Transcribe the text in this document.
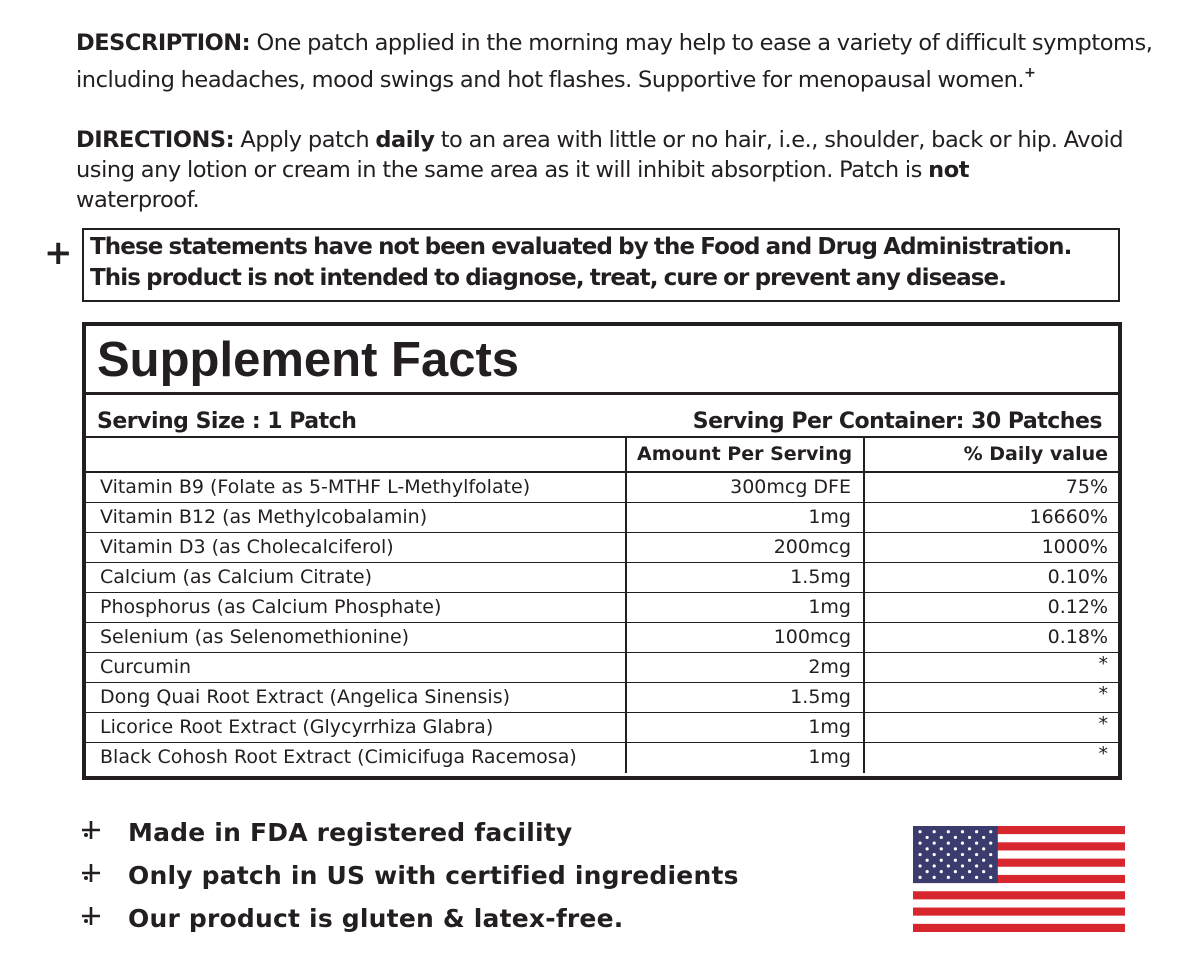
DESCRIPTION: One patch applied in the morning may help to ease a variety of difficult symptoms, including headaches, mood swings and hot flashes. Supportive for menopausal women.+
DIRECTIONS: Apply patch daily to an area with little or no hair, i.e., shoulder, back or hip. Avoid using any lotion or cream in the same area as it will inhibit absorption. Patch is not
waterproof.
+ These statements have not been evaluated by the Food and Drug Administration.
This product is not intended to diagnose, treat, cure or prevent any disease.
Supplement Facts
Serving Size : 1 Patch	Serving Per Container: 30 Patches
	Amount Per Serving	% Daily value
Vitamin B9 (Folate as 5-MTHF L-Methylfolate)	300mcg DFE	75%
Vitamin B12 (as Methylcobalamin)	1mg	16660%
Vitamin D3 (as Cholecalciferol)	200mcg	1000%
Calcium (as Calcium Citrate)	1.5mg	0.10%
Phosphorus (as Calcium Phosphate)	1mg	0.12%
Selenium (as Selenomethionine)	100mcg	0.18%
Curcumin	2mg	*
Dong Quai Root Extract (Angelica Sinensis)	1.5mg	*
Licorice Root Extract (Glycyrrhiza Glabra)	1mg	*
Black Cohosh Root Extract (Cimicifuga Racemosa)	1mg	*
Made in FDA registered facility
Only patch in US with certified ingredients
Our product is gluten & latex-free.
